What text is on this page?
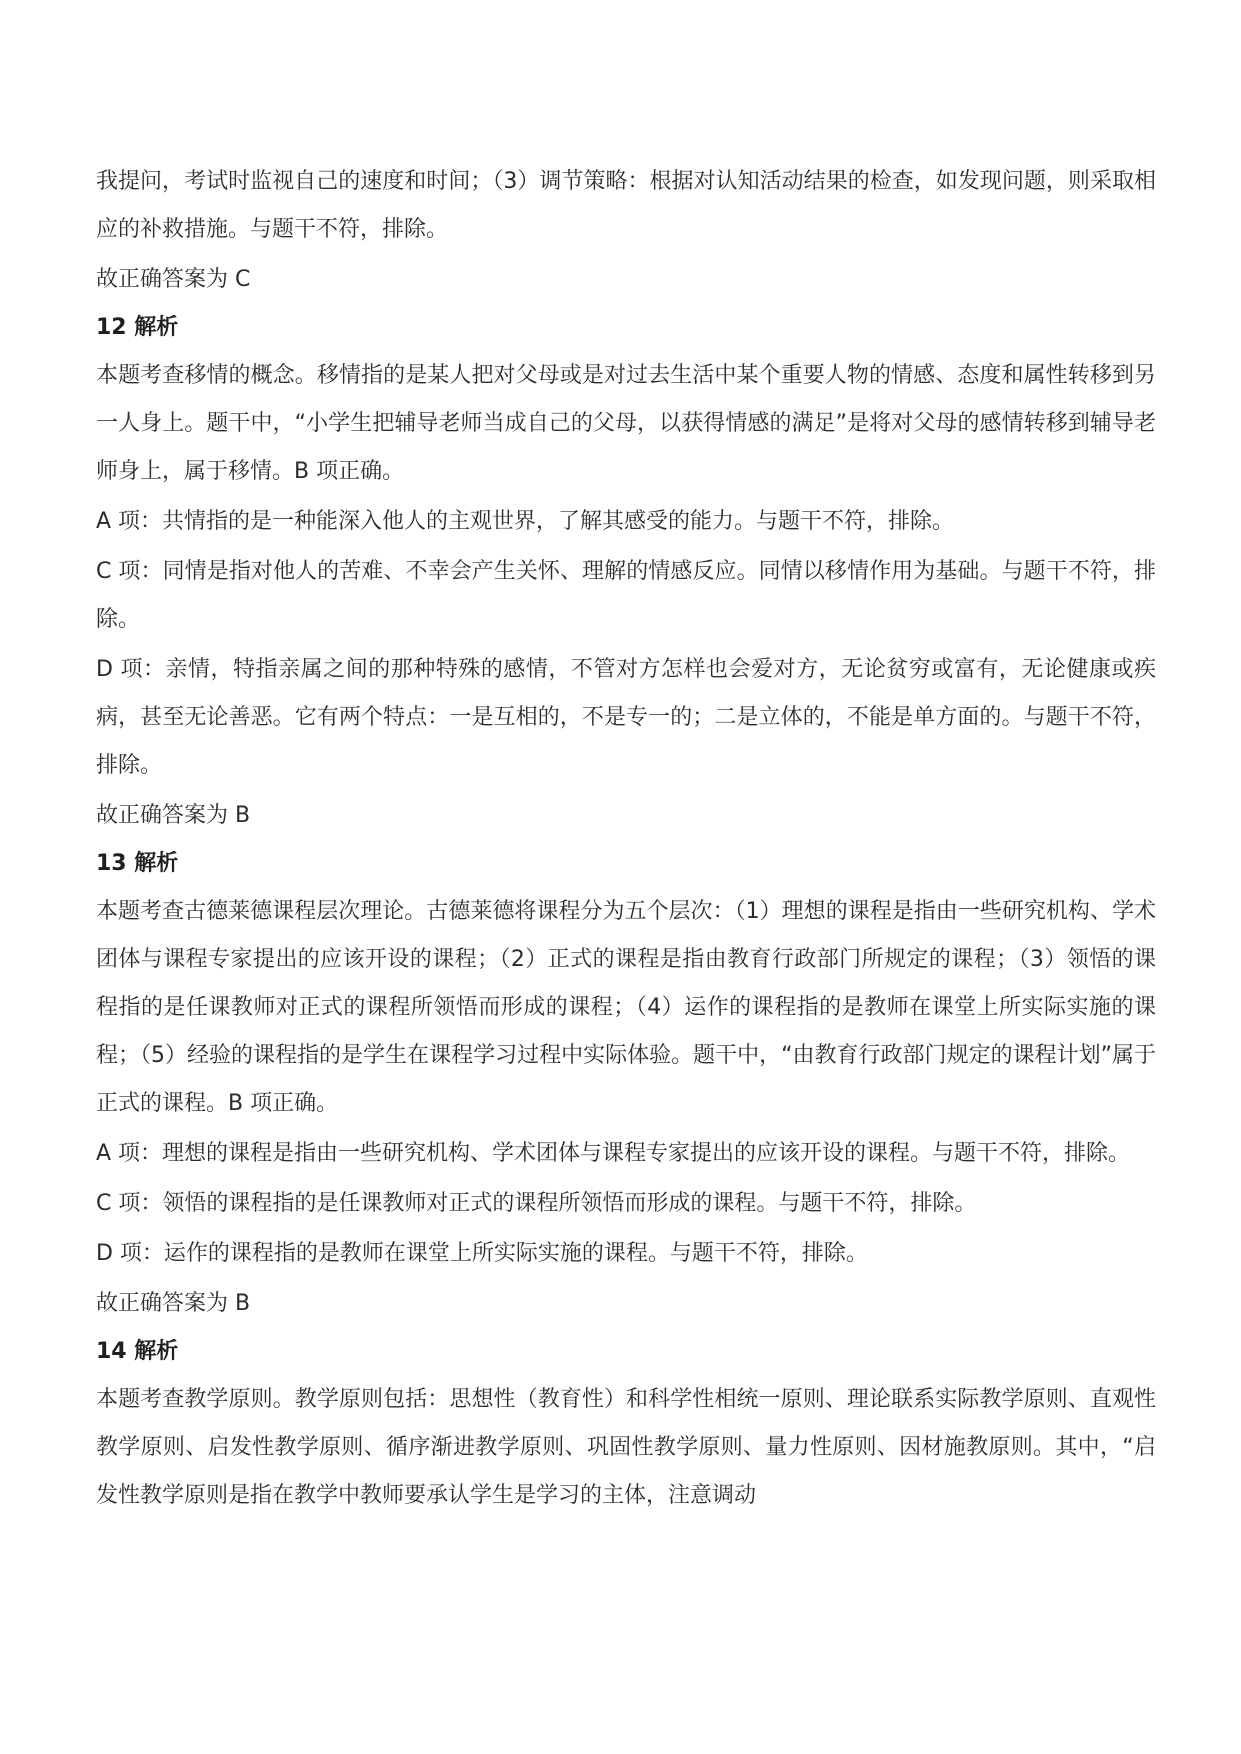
我提问，考试时监视自己的速度和时间；（3）调节策略：根据对认知活动结果的检查，如发现问题，则采取相应的补救措施。与题干不符，排除。

故正确答案为 C

12 解析

本题考查移情的概念。移情指的是某人把对父母或是对过去生活中某个重要人物的情感、态度和属性转移到另一人身上。题干中，“小学生把辅导老师当成自己的父母，以获得情感的满足”是将对父母的感情转移到辅导老师身上，属于移情。B 项正确。

A 项：共情指的是一种能深入他人的主观世界，了解其感受的能力。与题干不符，排除。

C 项：同情是指对他人的苦难、不幸会产生关怀、理解的情感反应。同情以移情作用为基础。与题干不符，排除。

D 项：亲情，特指亲属之间的那种特殊的感情，不管对方怎样也会爱对方，无论贫穷或富有，无论健康或疾病，甚至无论善恶。它有两个特点：一是互相的，不是专一的；二是立体的，不能是单方面的。与题干不符，排除。

故正确答案为 B

13 解析

本题考查古德莱德课程层次理论。古德莱德将课程分为五个层次：（1）理想的课程是指由一些研究机构、学术团体与课程专家提出的应该开设的课程；（2）正式的课程是指由教育行政部门所规定的课程；（3）领悟的课程指的是任课教师对正式的课程所领悟而形成的课程；（4）运作的课程指的是教师在课堂上所实际实施的课程；（5）经验的课程指的是学生在课程学习过程中实际体验。题干中，“由教育行政部门规定的课程计划”属于正式的课程。B 项正确。

A 项：理想的课程是指由一些研究机构、学术团体与课程专家提出的应该开设的课程。与题干不符，排除。

C 项：领悟的课程指的是任课教师对正式的课程所领悟而形成的课程。与题干不符，排除。

D 项：运作的课程指的是教师在课堂上所实际实施的课程。与题干不符，排除。

故正确答案为 B

14 解析

本题考查教学原则。教学原则包括：思想性（教育性）和科学性相统一原则、理论联系实际教学原则、直观性教学原则、启发性教学原则、循序渐进教学原则、巩固性教学原则、量力性原则、因材施教原则。其中，“启发性教学原则是指在教学中教师要承认学生是学习的主体，注意调动
